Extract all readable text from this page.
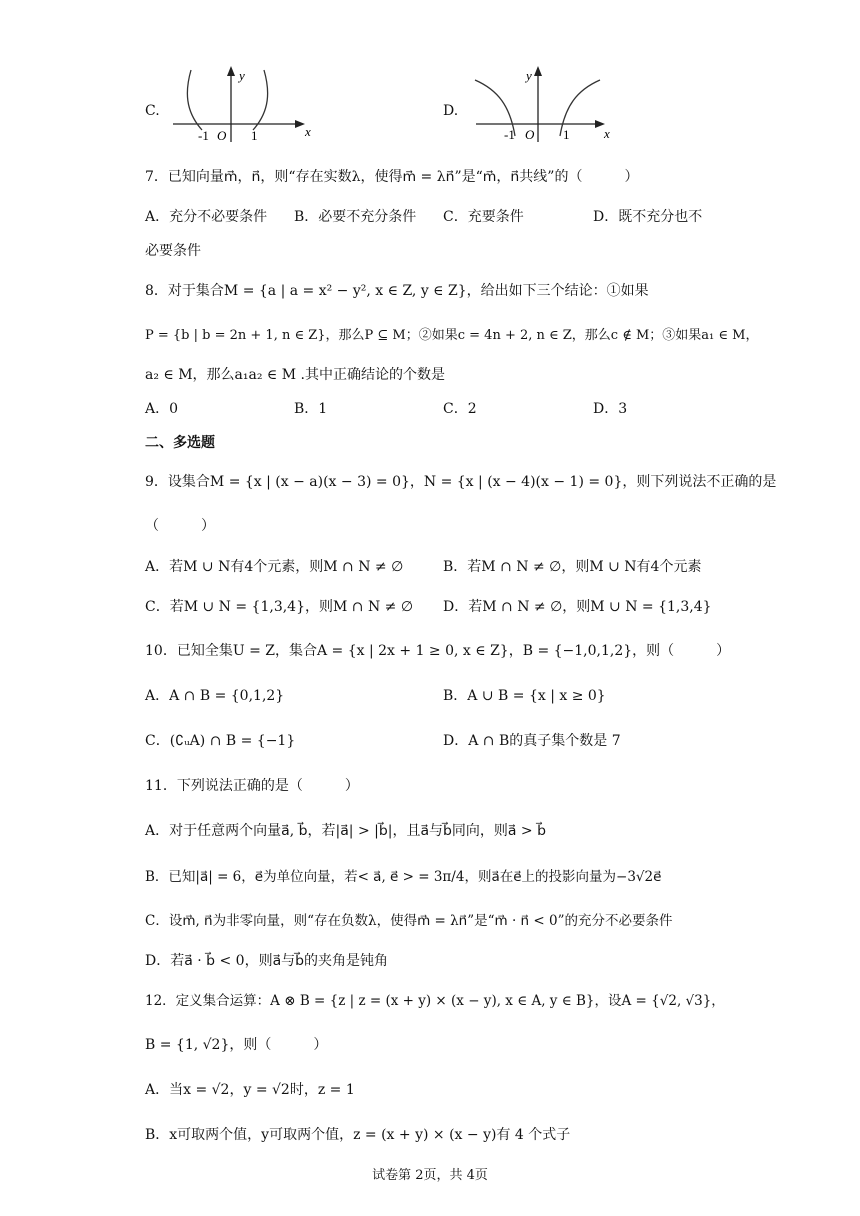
C.
y
x
-1 O 1
D.
y
x
-1 O 1
7．已知向量m⃗，n⃗，则“存在实数λ，使得m⃗ = λn⃗”是“m⃗，n⃗共线”的（　　　）
A．充分不必要条件 B．必要不充分条件 C．充要条件	D．既不充分也不
必要条件
8．对于集合M = {a | a = x² − y², x ∈ Z, y ∈ Z}，给出如下三个结论：①如果
P = {b | b = 2n + 1, n ∈ Z}，那么P ⊆ M；②如果c = 4n + 2, n ∈ Z，那么c ∉ M；③如果a₁ ∈ M，
a₂ ∈ M，那么a₁a₂ ∈ M .其中正确结论的个数是
A．0	B．1	C．2	D．3
二、多选题
9．设集合M = {x | (x − a)(x − 3) = 0}，N = {x | (x − 4)(x − 1) = 0}，则下列说法不正确的是
（　　　）
A．若M ∪ N有4个元素，则M ∩ N ≠ ∅	B．若M ∩ N ≠ ∅，则M ∪ N有4个元素
C．若M ∪ N = {1,3,4}，则M ∩ N ≠ ∅ D．若M ∩ N ≠ ∅，则M ∪ N = {1,3,4}
10．已知全集U = Z，集合A = {x | 2x + 1 ≥ 0, x ∈ Z}，B = {−1,0,1,2}，则（　　　）
A．A ∩ B = {0,1,2}	B．A ∪ B = {x | x ≥ 0}
C．(∁ᵤA) ∩ B = {−1}	D．A ∩ B的真子集个数是 7
11．下列说法正确的是（　　　）
A．对于任意两个向量a⃗, b⃗，若|a⃗| > |b⃗|，且a⃗与b⃗同向，则a⃗ > b⃗
B．已知|a⃗| = 6，e⃗为单位向量，若< a⃗, e⃗ > = 3π/4，则a⃗在e⃗上的投影向量为−3√2e⃗
C．设m⃗, n⃗为非零向量，则“存在负数λ，使得m⃗ = λn⃗”是“m⃗ · n⃗ < 0”的充分不必要条件
D．若a⃗ · b⃗ < 0，则a⃗与b⃗的夹角是钝角
12．定义集合运算：A ⊗ B = {z | z = (x + y) × (x − y), x ∈ A, y ∈ B}，设A = {√2, √3}，
B = {1, √2}，则（　　　）
A．当x = √2，y = √2时，z = 1
B．x可取两个值，y可取两个值，z = (x + y) × (x − y)有 4 个式子
试卷第 2页，共 4页
